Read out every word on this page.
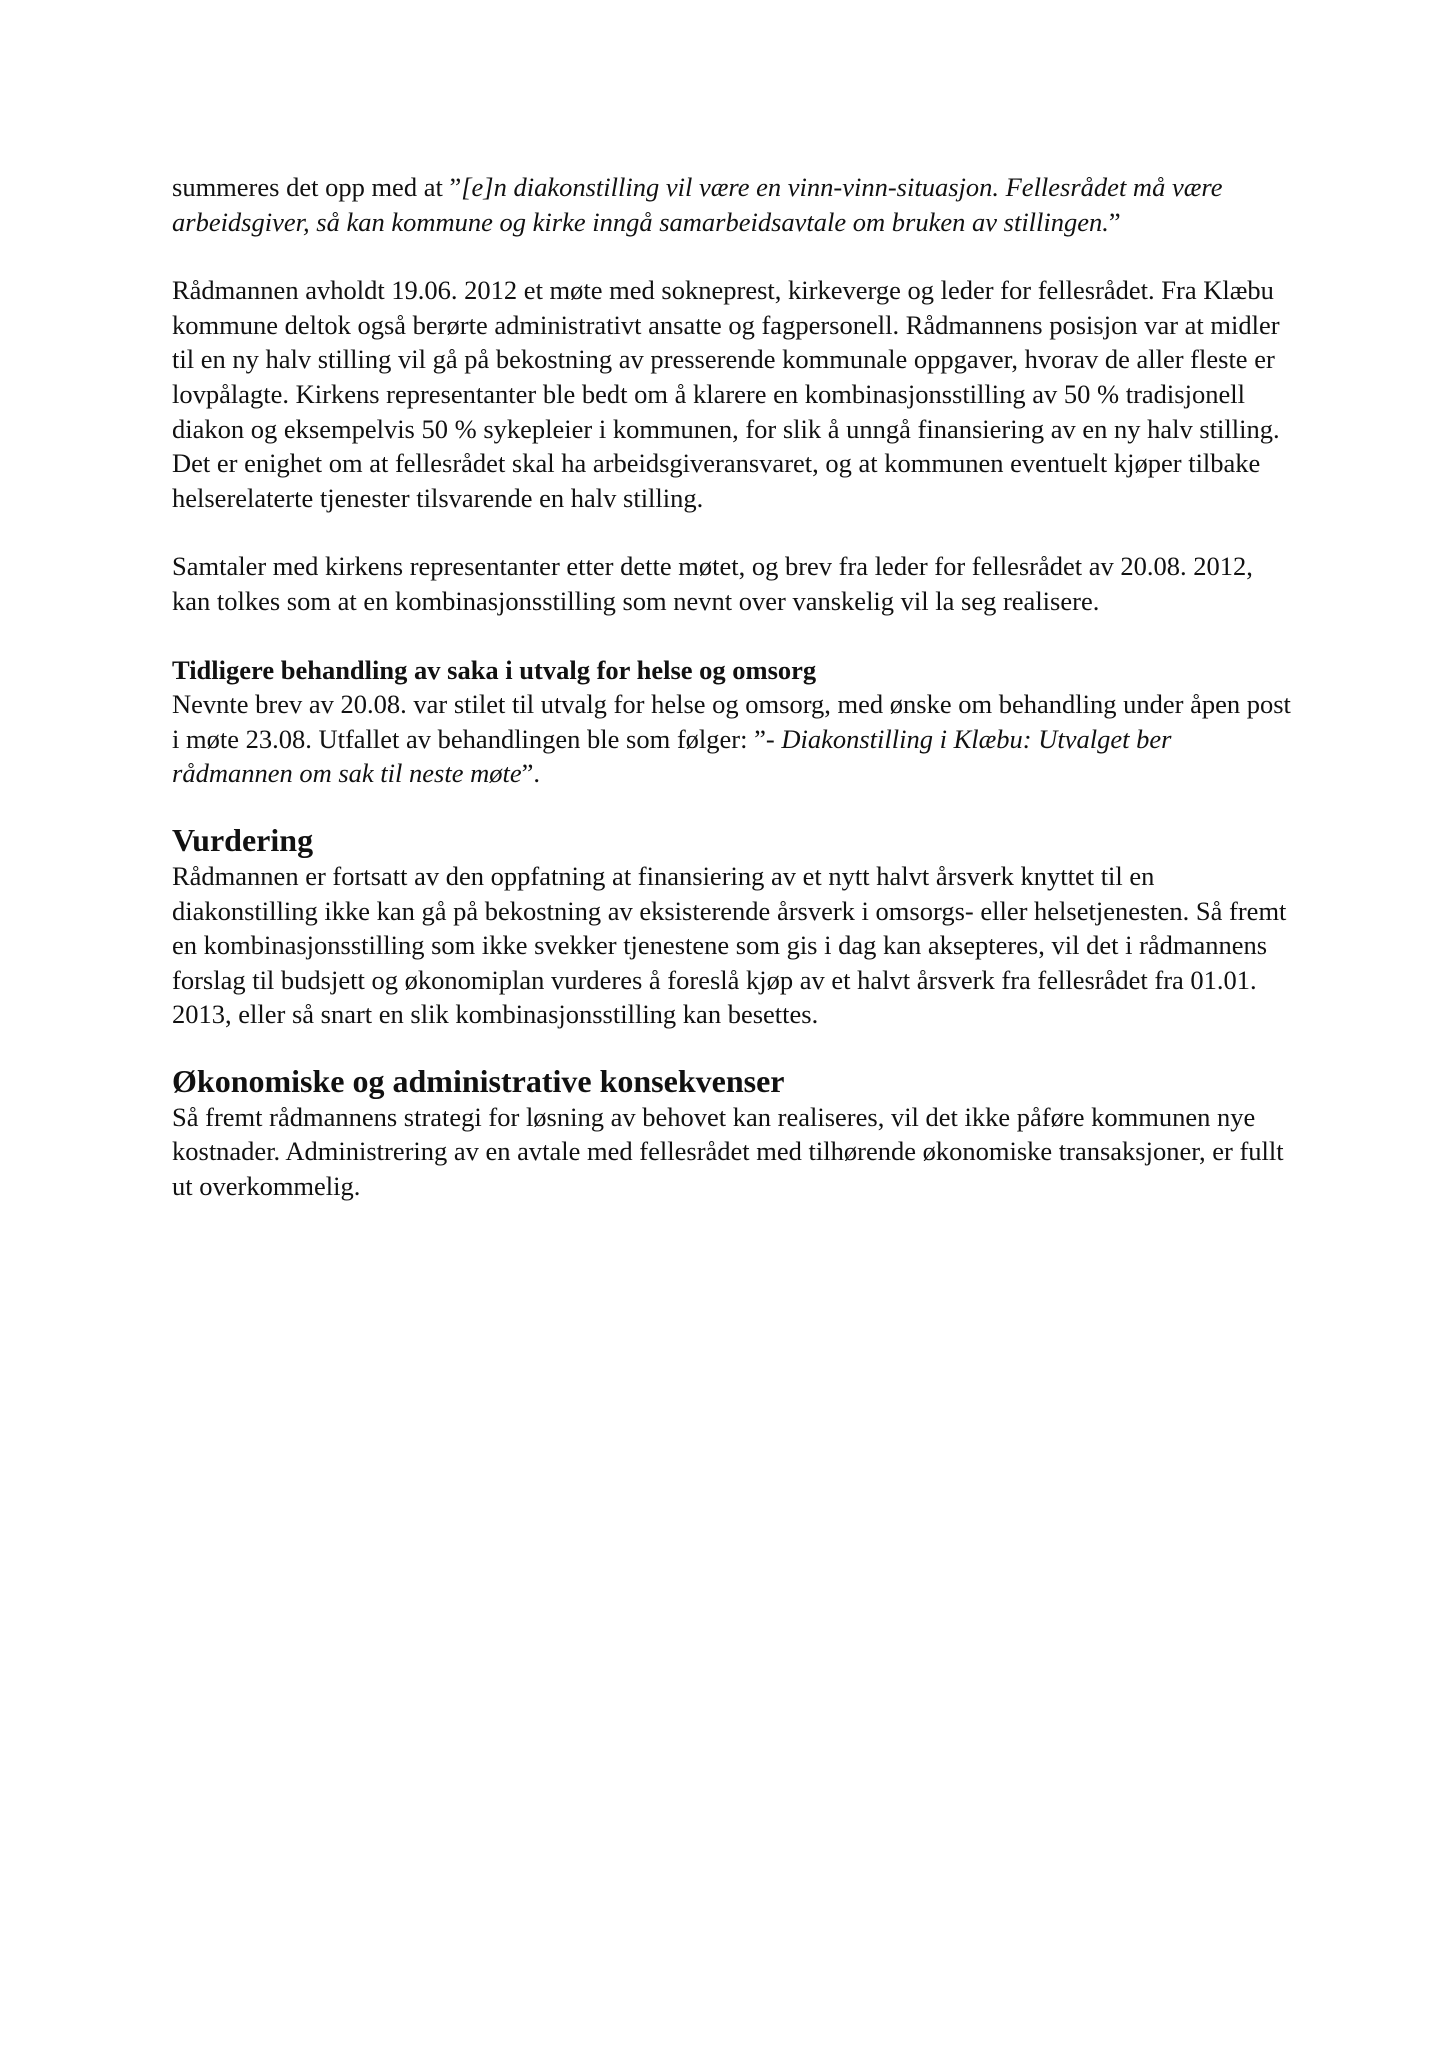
summeres det opp med at ”[e]n diakonstilling vil være en vinn-vinn-situasjon. Fellesrådet må være arbeidsgiver, så kan kommune og kirke inngå samarbeidsavtale om bruken av stillingen.”

Rådmannen avholdt 19.06. 2012 et møte med sokneprest, kirkeverge og leder for fellesrådet. Fra Klæbu kommune deltok også berørte administrativt ansatte og fagpersonell. Rådmannens posisjon var at midler til en ny halv stilling vil gå på bekostning av presserende kommunale oppgaver, hvorav de aller fleste er lovpålagte. Kirkens representanter ble bedt om å klarere en kombinasjonsstilling av 50 % tradisjonell diakon og eksempelvis 50 % sykepleier i kommunen, for slik å unngå finansiering av en ny halv stilling. Det er enighet om at fellesrådet skal ha arbeidsgiveransvaret, og at kommunen eventuelt kjøper tilbake helserelaterte tjenester tilsvarende en halv stilling.

Samtaler med kirkens representanter etter dette møtet, og brev fra leder for fellesrådet av 20.08. 2012, kan tolkes som at en kombinasjonsstilling som nevnt over vanskelig vil la seg realisere.

Tidligere behandling av saka i utvalg for helse og omsorg

Nevnte brev av 20.08. var stilet til utvalg for helse og omsorg, med ønske om behandling under åpen post i møte 23.08. Utfallet av behandlingen ble som følger: ”- Diakonstilling i Klæbu: Utvalget ber rådmannen om sak til neste møte”.

Vurdering

Rådmannen er fortsatt av den oppfatning at finansiering av et nytt halvt årsverk knyttet til en diakonstilling ikke kan gå på bekostning av eksisterende årsverk i omsorgs- eller helsetjenesten. Så fremt en kombinasjonsstilling som ikke svekker tjenestene som gis i dag kan aksepteres, vil det i rådmannens forslag til budsjett og økonomiplan vurderes å foreslå kjøp av et halvt årsverk fra fellesrådet fra 01.01. 2013, eller så snart en slik kombinasjonsstilling kan besettes.

Økonomiske og administrative konsekvenser

Så fremt rådmannens strategi for løsning av behovet kan realiseres, vil det ikke påføre kommunen nye kostnader. Administrering av en avtale med fellesrådet med tilhørende økonomiske transaksjoner, er fullt ut overkommelig.
